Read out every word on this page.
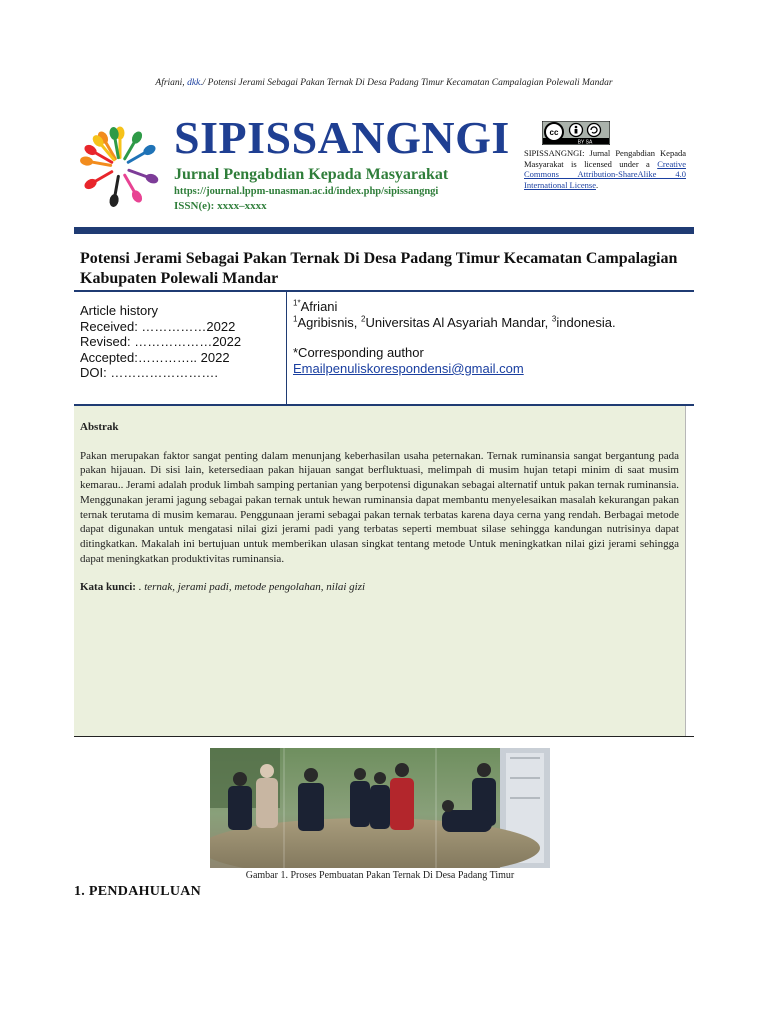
Afriani, dkk./ Potensi Jerami Sebagai Pakan Ternak Di Desa Padang Timur Kecamatan Campalagian Polewali Mandar
SIPISSANGNGI
Jurnal Pengabdian Kepada Masyarakat
https://journal.lppm-unasman.ac.id/index.php/sipissangngi
ISSN(e): xxxx–xxxx
cc
BY SA
SIPISSANGNGI: Jurnal Pengabdian Kepada Masyarakat is licensed under a Creative Commons Attribution-ShareAlike 4.0 International License.
Potensi Jerami Sebagai Pakan Ternak Di Desa Padang Timur Kecamatan Campalagian Kabupaten Polewali Mandar
Article history
Received: ……………2022
Revised: ………………2022
Accepted:………….. 2022
DOI: …………………….
$^{1*}$Afriani
$^1$Agribisnis, $^2$Universitas Al Asyariah Mandar, $^3$indonesia.
*Corresponding author
Emailpenuliskorespondensi@gmail.com
Abstrak
Pakan merupakan faktor sangat penting dalam menunjang keberhasilan usaha peternakan. Ternak ruminansia sangat bergantung pada pakan hijauan. Di sisi lain, ketersediaan pakan hijauan sangat berfluktuasi, melimpah di musim hujan tetapi minim di saat musim kemarau.. Jerami adalah produk limbah samping pertanian yang berpotensi digunakan sebagai alternatif untuk pakan ternak ruminansia. Menggunakan jerami jagung sebagai pakan ternak untuk hewan ruminansia dapat membantu menyelesaikan masalah kekurangan pakan ternak terutama di musim kemarau. Penggunaan jerami sebagai pakan ternak terbatas karena daya cerna yang rendah. Berbagai metode dapat digunakan untuk mengatasi nilai gizi jerami padi yang terbatas seperti membuat silase sehingga kandungan nutrisinya dapat ditingkatkan. Makalah ini bertujuan untuk memberikan ulasan singkat tentang metode Untuk meningkatkan nilai gizi jerami sehingga dapat meningkatkan produktivitas ruminansia.
Kata kunci: . ternak, jerami padi, metode pengolahan, nilai gizi
Gambar 1. Proses Pembuatan Pakan Ternak Di Desa Padang Timur
1. PENDAHULUAN
